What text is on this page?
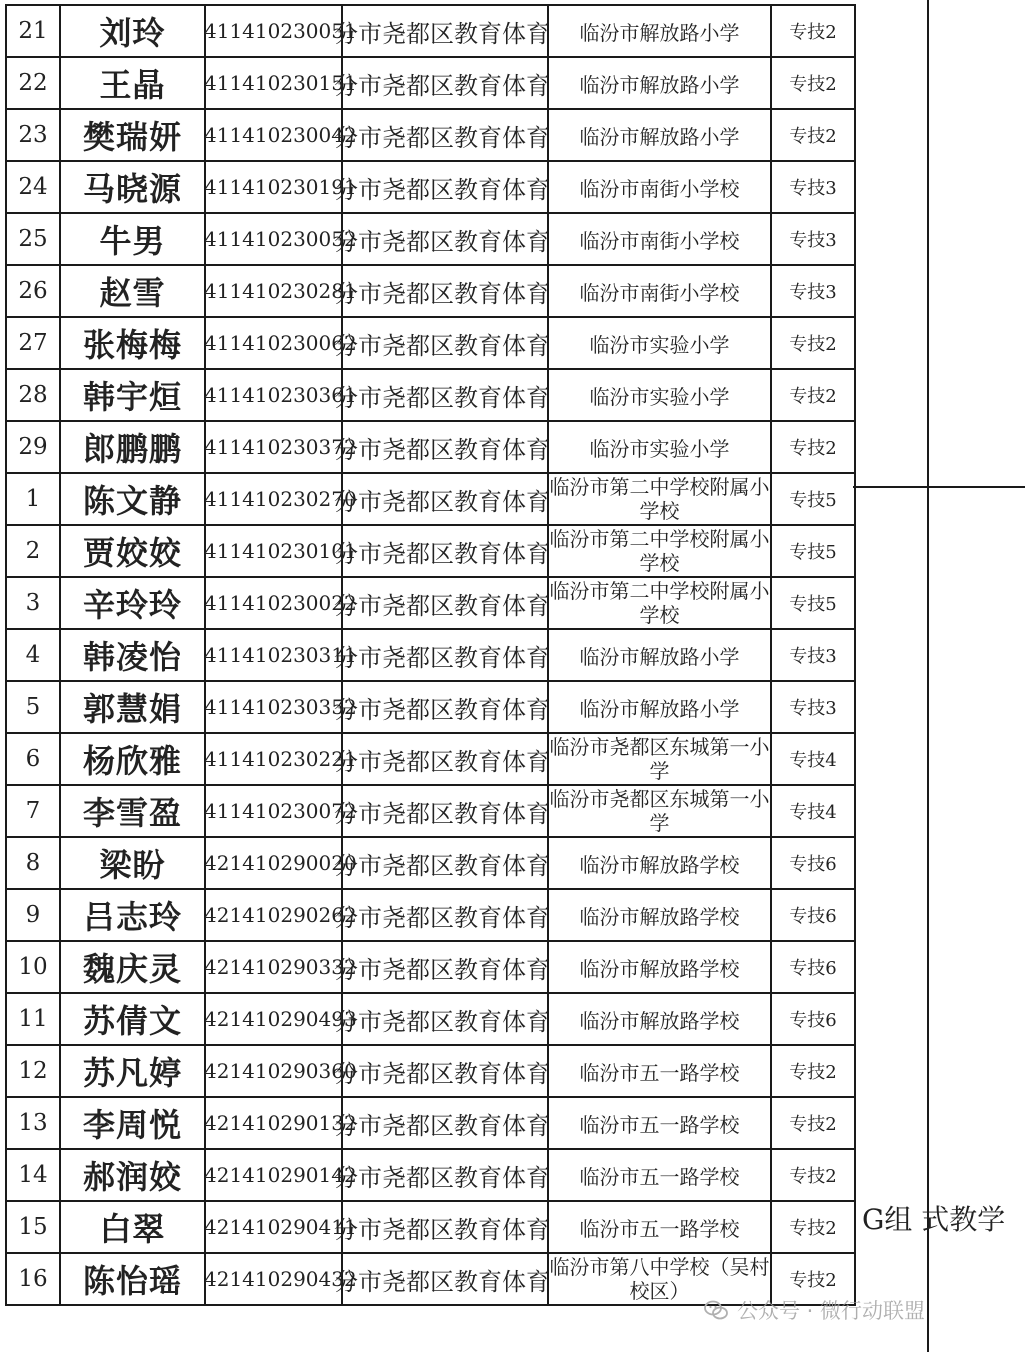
21	刘玲	411410230051	分市尧都区教育体育	临汾市解放路小学	专技2
22	王晶	411410230151	分市尧都区教育体育	临汾市解放路小学	专技2
23	樊瑞妍	411410230042	分市尧都区教育体育	临汾市解放路小学	专技2
24	马晓源	411410230191	分市尧都区教育体育	临汾市南街小学校	专技3
25	牛男	411410230052	分市尧都区教育体育	临汾市南街小学校	专技3
26	赵雪	411410230281	分市尧都区教育体育	临汾市南街小学校	专技3
27	张梅梅	411410230062	分市尧都区教育体育	临汾市实验小学	专技2
28	韩宇烜	411410230361	分市尧都区教育体育	临汾市实验小学	专技2
29	郎鹏鹏	411410230372	分市尧都区教育体育	临汾市实验小学	专技2
1	陈文静	411410230270	分市尧都区教育体育	临汾市第二中学校附属小学校	专技5
2	贾姣姣	411410230101	分市尧都区教育体育	临汾市第二中学校附属小学校	专技5
3	辛玲玲	411410230022	分市尧都区教育体育	临汾市第二中学校附属小学校	专技5
4	韩凌怡	411410230311	分市尧都区教育体育	临汾市解放路小学	专技3
5	郭慧娟	411410230352	分市尧都区教育体育	临汾市解放路小学	专技3
6	杨欣雅	411410230221	分市尧都区教育体育	临汾市尧都区东城第一小学	专技4
7	李雪盈	411410230072	分市尧都区教育体育	临汾市尧都区东城第一小学	专技4
8	梁盼	421410290020	分市尧都区教育体育	临汾市解放路学校	专技6
9	吕志玲	421410290262	分市尧都区教育体育	临汾市解放路学校	专技6
10	魏庆灵	421410290332	分市尧都区教育体育	临汾市解放路学校	专技6
11	苏倩文	421410290493	分市尧都区教育体育	临汾市解放路学校	专技6
12	苏凡婷	421410290360	分市尧都区教育体育	临汾市五一路学校	专技2
13	李周悦	421410290132	分市尧都区教育体育	临汾市五一路学校	专技2
14	郝润姣	421410290142	分市尧都区教育体育	临汾市五一路学校	专技2
15	白翠	421410290411	分市尧都区教育体育	临汾市五一路学校	专技2
16	陈怡瑶	421410290432	分市尧都区教育体育	临汾市第八中学校（吴村校区）	专技2
G组 式教学
公众号 · 微行动联盟
